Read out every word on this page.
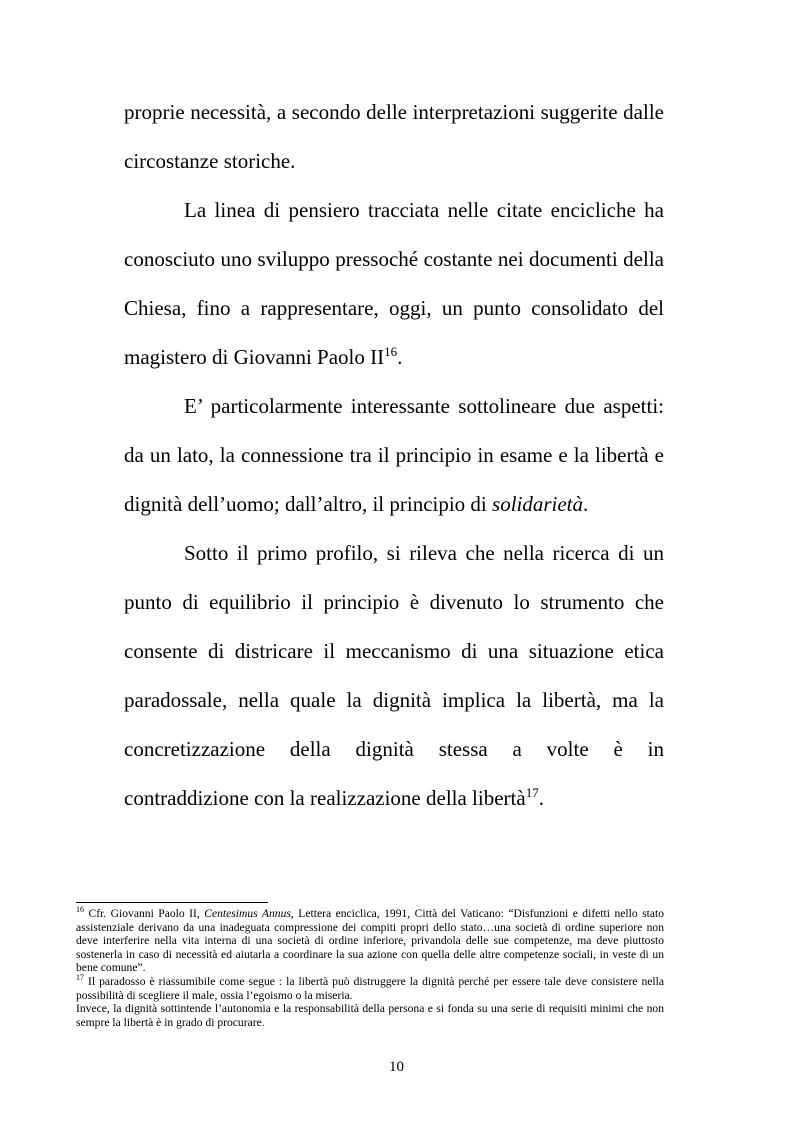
proprie necessità, a secondo delle interpretazioni suggerite dalle circostanze storiche.

La linea di pensiero tracciata nelle citate encicliche ha conosciuto uno sviluppo pressoché costante nei documenti della Chiesa, fino a rappresentare, oggi, un punto consolidato del magistero di Giovanni Paolo II$^{16}$.

E’ particolarmente interessante sottolineare due aspetti: da un lato, la connessione tra il principio in esame e la libertà e dignità dell’uomo; dall’altro, il principio di solidarietà.

Sotto il primo profilo, si rileva che nella ricerca di un punto di equilibrio il principio è divenuto lo strumento che consente di districare il meccanismo di una situazione etica paradossale, nella quale la dignità implica la libertà, ma la concretizzazione della dignità stessa a volte è in

contraddizione con la realizzazione della libertà$^{17}$.

$^{16}$ Cfr. Giovanni Paolo II, Centesimus Annus, Lettera enciclica, 1991, Città del Vaticano: “Disfunzioni e difetti nello stato assistenziale derivano da una inadeguata compressione dei compiti propri dello stato…una società di ordine superiore non deve interferire nella vita interna di una società di ordine inferiore, privandola delle sue competenze, ma deve piuttosto sostenerla in caso di necessità ed aiutarla a coordinare la sua azione con quella delle altre competenze sociali, in veste di un bene comune”.

$^{17}$ Il paradosso è riassumibile come segue : la libertà può distruggere la dignità perché per essere tale deve consistere nella possibilità di scegliere il male, ossia l’egoismo o la miseria.

Invece, la dignità sottintende l’autonomia e la responsabilità della persona e si fonda su una serie di requisiti minimi che non sempre la libertà è in grado di procurare.

10
